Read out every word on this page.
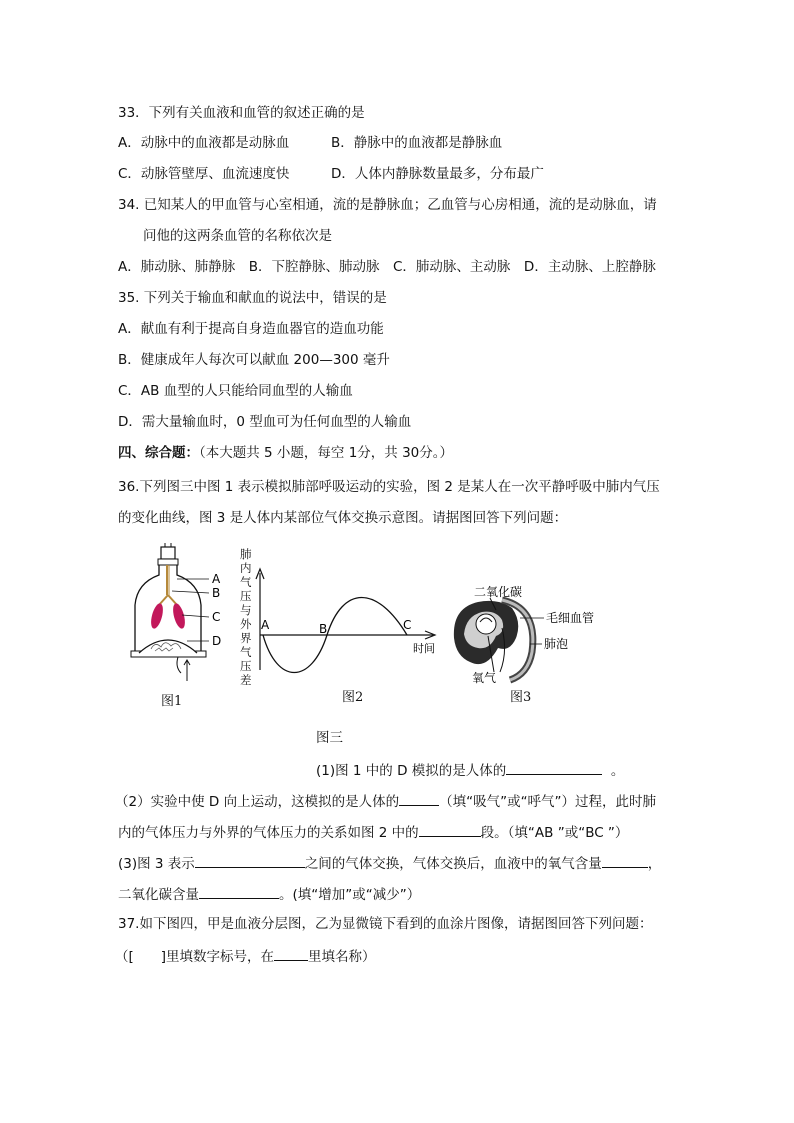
33．下列有关血液和血管的叙述正确的是
A．动脉中的血液都是动脉血	B．静脉中的血液都是静脉血
C．动脉管壁厚、血流速度快	D．人体内静脉数量最多，分布最广
34. 已知某人的甲血管与心室相通，流的是静脉血；乙血管与心房相通，流的是动脉血，请
问他的这两条血管的名称依次是
A．肺动脉、肺静脉　B．下腔静脉、肺动脉　C．肺动脉、主动脉　D．主动脉、上腔静脉
35. 下列关于输血和献血的说法中，错误的是
A．献血有利于提高自身造血器官的造血功能
B．健康成年人每次可以献血 200—300 毫升
C．AB 血型的人只能给同血型的人输血
D．需大量输血时，0 型血可为任何血型的人输血
四、综合题：（本大题共 5 小题，每空 1分，共 30分。）
36.下列图三中图 1 表示模拟肺部呼吸运动的实验，图 2 是某人在一次平静呼吸中肺内气压
的变化曲线，图 3 是人体内某部位气体交换示意图。请据图回答下列问题：
A
B
C
D
图1
肺内气压与外界气压差
A	B	C
时间
图2
二氧化碳
毛细血管
肺泡
氧气
图3
图三
(1)图 1 中的 D 模拟的是人体的	。
（2）实验中使 D 向上运动，这模拟的是人体的	（填“吸气”或“呼气”）过程，此时肺
内的气体压力与外界的气体压力的关系如图 2 中的	段。（填“AB ”或“BC ”）
(3)图 3 表示	之间的气体交换，气体交换后，血液中的氧气含量	，
二氧化碳含量	。(填“增加”或“减少”）
37.如下图四，甲是血液分层图，乙为显微镜下看到的血涂片图像，请据图回答下列问题：
（[　　]里填数字标号，在	里填名称）
